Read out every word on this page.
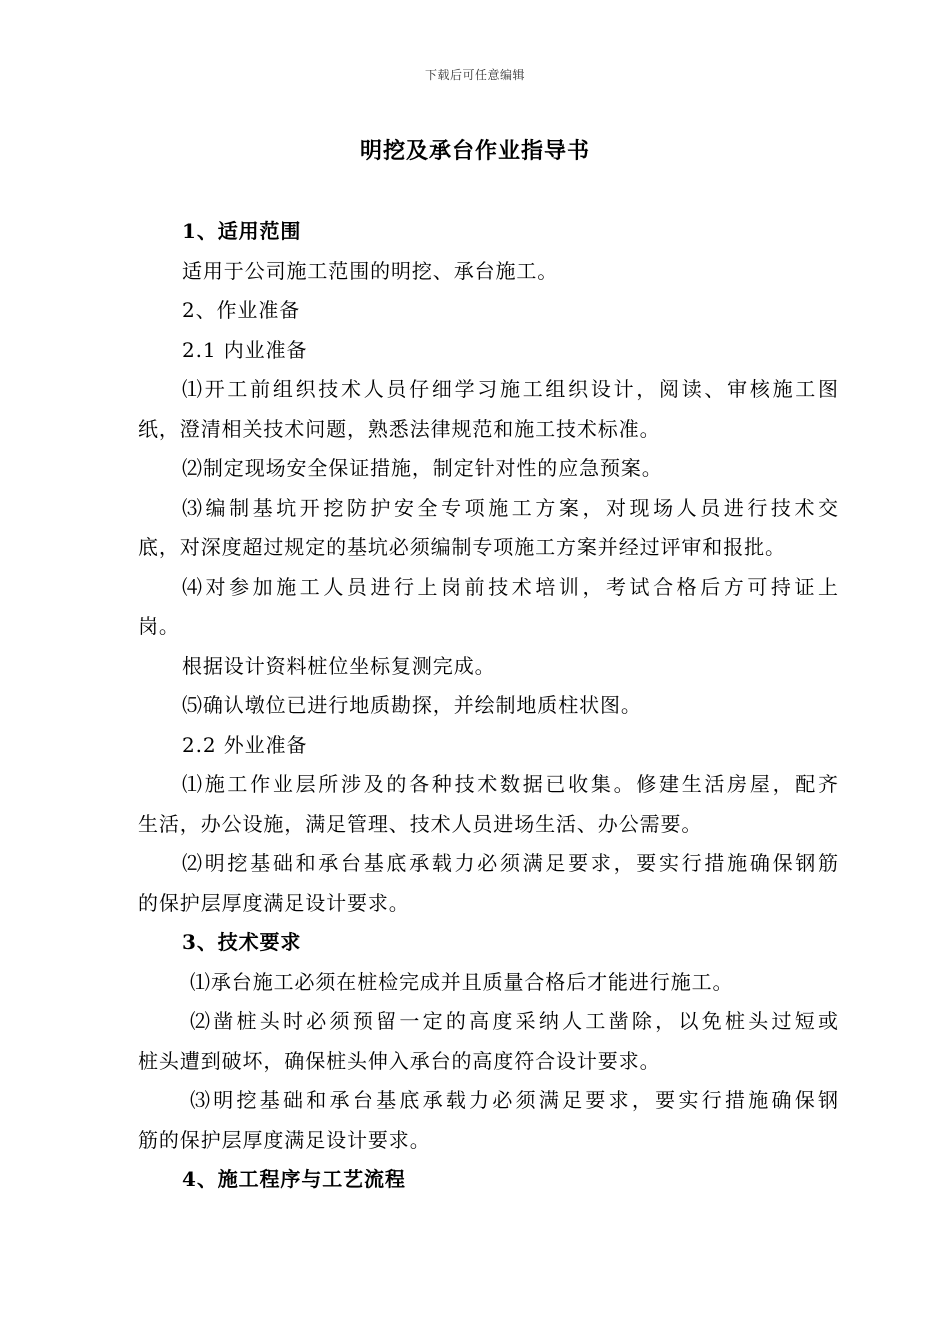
下载后可任意编辑
明挖及承台作业指导书
1、适用范围
适用于公司施工范围的明挖、承台施工。
2、作业准备
2.1 内业准备
⑴开工前组织技术人员仔细学习施工组织设计，阅读、审核施工图
纸，澄清相关技术问题，熟悉法律规范和施工技术标准。
⑵制定现场安全保证措施，制定针对性的应急预案。
⑶编制基坑开挖防护安全专项施工方案，对现场人员进行技术交
底，对深度超过规定的基坑必须编制专项施工方案并经过评审和报批。
⑷对参加施工人员进行上岗前技术培训，考试合格后方可持证上
岗。
根据设计资料桩位坐标复测完成。
⑸确认墩位已进行地质勘探，并绘制地质柱状图。
2.2 外业准备
⑴施工作业层所涉及的各种技术数据已收集。修建生活房屋，配齐
生活，办公设施，满足管理、技术人员进场生活、办公需要。
⑵明挖基础和承台基底承载力必须满足要求，要实行措施确保钢筋
的保护层厚度满足设计要求。
3、技术要求
⑴承台施工必须在桩检完成并且质量合格后才能进行施工。
⑵凿桩头时必须预留一定的高度采纳人工凿除，以免桩头过短或
桩头遭到破坏，确保桩头伸入承台的高度符合设计要求。
⑶明挖基础和承台基底承载力必须满足要求，要实行措施确保钢
筋的保护层厚度满足设计要求。
4、施工程序与工艺流程
